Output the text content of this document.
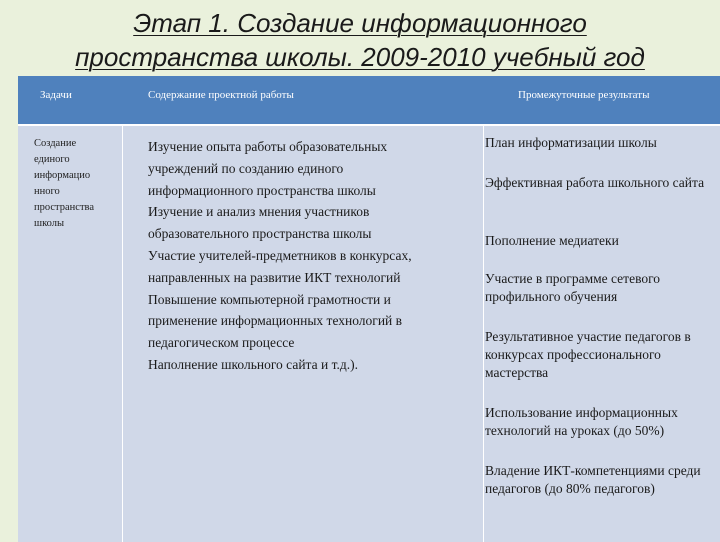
Этап 1. Создание информационного
пространства школы. 2009-2010 учебный год
Задачи	Содержание проектной работы	Промежуточные результаты
Создание
единого
информацио
нного
пространства
школы
Изучение опыта работы образовательных
учреждений по созданию единого
информационного пространства школы
Изучение и анализ мнения участников
образовательного пространства школы
Участие учителей-предметников в конкурсах,
направленных на развитие ИКТ технологий
Повышение компьютерной грамотности и
применение информационных технологий в
педагогическом процессе
Наполнение школьного сайта и т.д.).
План информатизации школы
Эффективная работа школьного сайта
Пополнение медиатеки
Участие в программе сетевого профильного обучения
Результативное участие педагогов в конкурсах профессионального мастерства
Использование информационных технологий на уроках (до 50%)
Владение ИКТ-компетенциями среди педагогов (до 80% педагогов)
